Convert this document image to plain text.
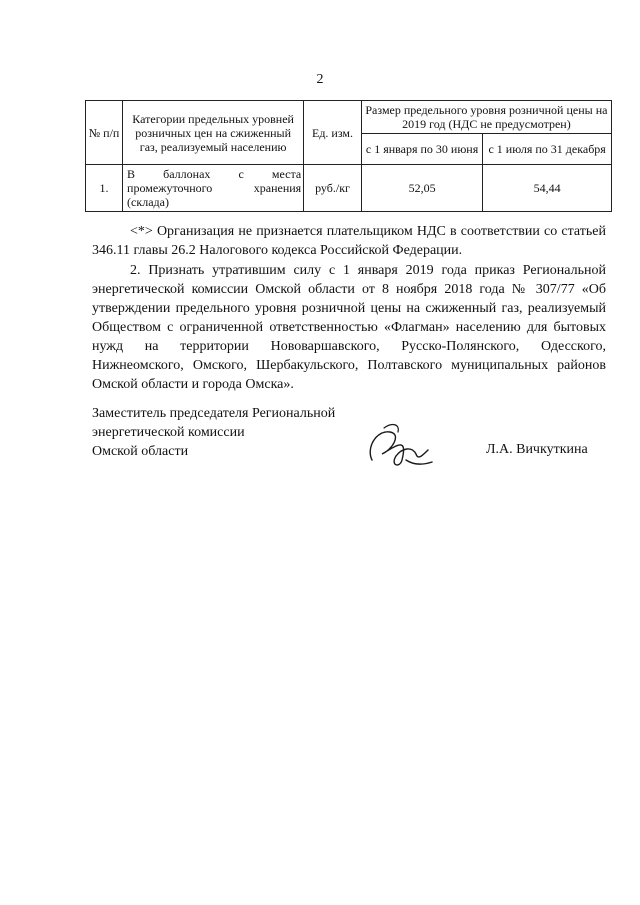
2
№ п/п	Категории предельных уровней розничных цен на сжиженный газ, реализуемый населению	Ед. изм.	Размер предельного уровня розничной цены на 2019 год (НДС не предусмотрен)	
			с 1 января по 30 июня	с 1 июля по 31 декабря
1.	В баллонах с места промежуточного хранения (склада)	руб./кг	52,05	54,44

<*> Организация не признается плательщиком НДС в соответствии со статьей 346.11 главы 26.2 Налогового кодекса Российской Федерации.

2. Признать утратившим силу с 1 января 2019 года приказ Региональной энергетической комиссии Омской области от 8 ноября 2018 года № 307/77 «Об утверждении предельного уровня розничной цены на сжиженный газ, реализуемый Обществом с ограниченной ответственностью «Флагман» населению для бытовых нужд на территории Нововаршавского, Русско-Полянского, Одесского, Нижнеомского, Омского, Шербакульского, Полтавского муниципальных районов Омской области и города Омска».

Заместитель председателя Региональной
энергетической комиссии
Омской области	Л.А. Вичкуткина
